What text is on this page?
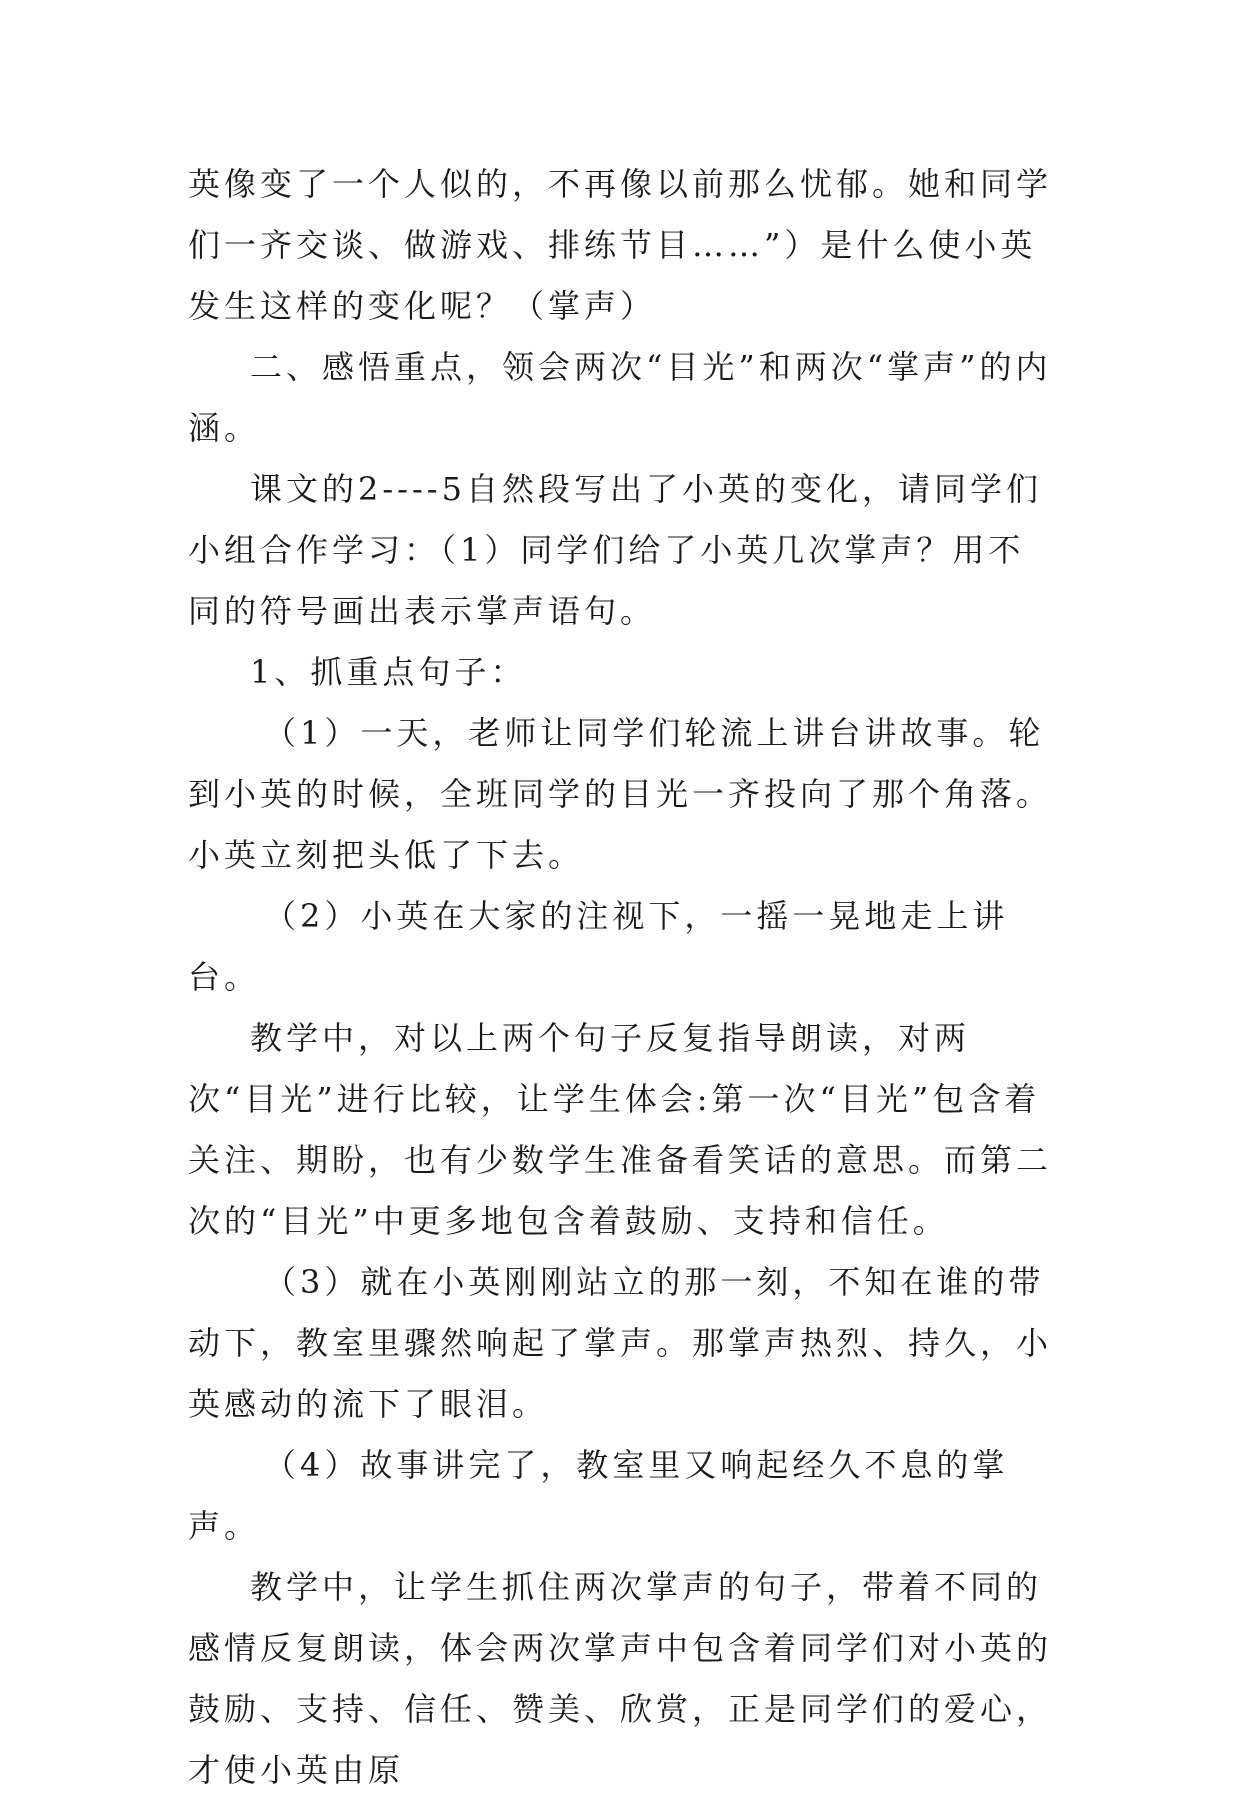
英像变了一个人似的，不再像以前那么忧郁。她和同学们一齐交谈、做游戏、排练节目……”）是什么使小英发生这样的变化呢？（掌声）

二、感悟重点，领会两次“目光”和两次“掌声”的内涵。

课文的2----5自然段写出了小英的变化，请同学们小组合作学习：（1）同学们给了小英几次掌声？用不同的符号画出表示掌声语句。

1、抓重点句子：

（1）一天，老师让同学们轮流上讲台讲故事。轮到小英的时候，全班同学的目光一齐投向了那个角落。小英立刻把头低了下去。

（2）小英在大家的注视下，一摇一晃地走上讲台。

教学中，对以上两个句子反复指导朗读，对两次“目光”进行比较，让学生体会:第一次“目光”包含着关注、期盼，也有少数学生准备看笑话的意思。而第二次的“目光”中更多地包含着鼓励、支持和信任。

（3）就在小英刚刚站立的那一刻，不知在谁的带动下，教室里骤然响起了掌声。那掌声热烈、持久，小英感动的流下了眼泪。

（4）故事讲完了，教室里又响起经久不息的掌声。

教学中，让学生抓住两次掌声的句子，带着不同的感情反复朗读，体会两次掌声中包含着同学们对小英的鼓励、支持、信任、赞美、欣赏，正是同学们的爱心，才使小英由原
